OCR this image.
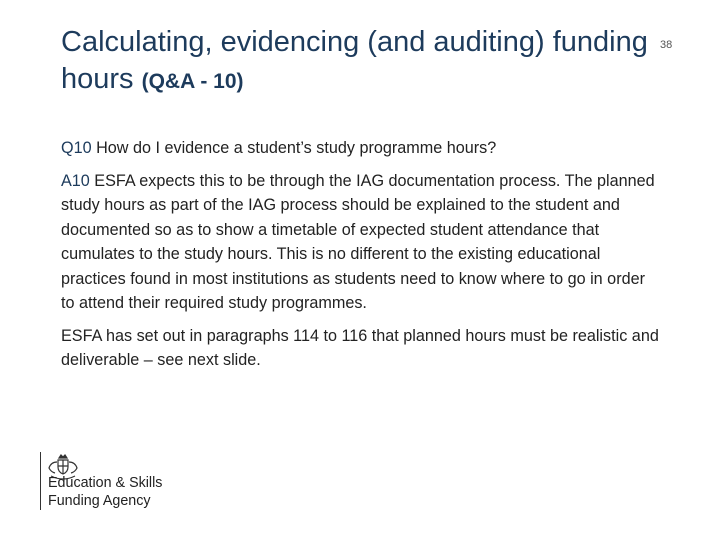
Calculating, evidencing (and auditing) funding hours (Q&A - 10)
38

Q10 How do I evidence a student’s study programme hours?

A10 ESFA expects this to be through the IAG documentation process. The planned study hours as part of the IAG process should be explained to the student and documented so as to show a timetable of expected student attendance that cumulates to the study hours. This is no different to the existing educational practices found in most institutions as students need to know where to go in order to attend their required study programmes.

ESFA has set out in paragraphs 114 to 116 that planned hours must be realistic and deliverable – see next slide.

Education & Skills
Funding Agency
